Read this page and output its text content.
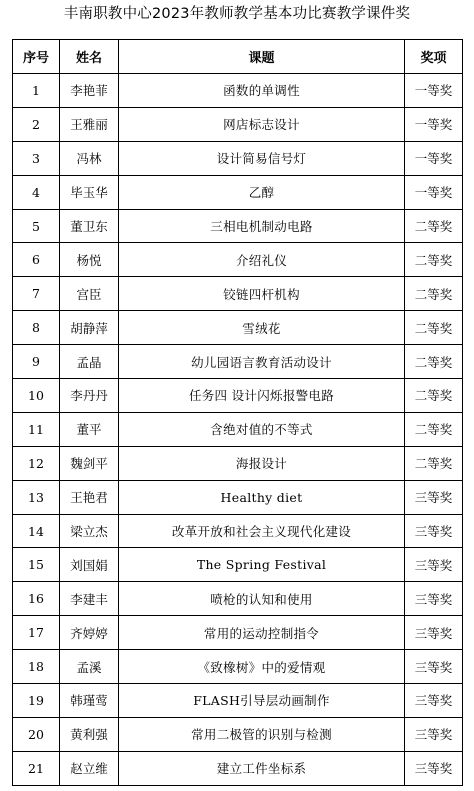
丰南职教中心2023年教师教学基本功比赛教学课件奖
序号	姓名	课题	奖项
1	李艳菲	函数的单调性	一等奖
2	王雅丽	网店标志设计	一等奖
3	冯林	设计简易信号灯	一等奖
4	毕玉华	乙醇	一等奖
5	董卫东	三相电机制动电路	二等奖
6	杨悦	介绍礼仪	二等奖
7	宫臣	铰链四杆机构	二等奖
8	胡静萍	雪绒花	二等奖
9	孟晶	幼儿园语言教育活动设计	二等奖
10	李丹丹	任务四 设计闪烁报警电路	二等奖
11	董平	含绝对值的不等式	二等奖
12	魏剑平	海报设计	二等奖
13	王艳君	Healthy diet	三等奖
14	梁立杰	改革开放和社会主义现代化建设	三等奖
15	刘国娟	The Spring Festival	三等奖
16	李建丰	喷枪的认知和使用	三等奖
17	齐婷婷	常用的运动控制指令	三等奖
18	孟溪	《致橡树》中的爱情观	三等奖
19	韩瑾莺	FLASH引导层动画制作	三等奖
20	黄利强	常用二极管的识别与检测	三等奖
21	赵立维	建立工件坐标系	三等奖
